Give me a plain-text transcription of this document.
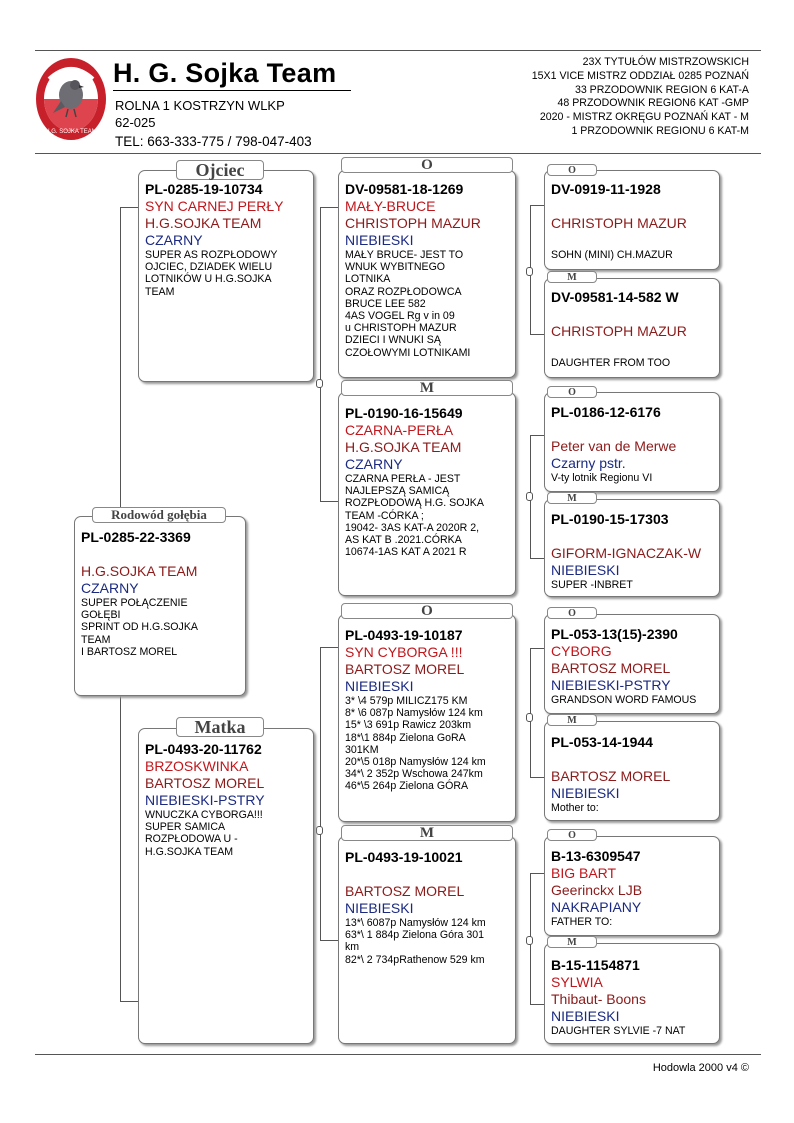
H.G. SOJKA TEAM
H. G. Sojka Team
ROLNA 1 KOSTRZYN WLKP
62-025
TEL: 663-333-775 / 798-047-403
23X TYTUŁÓW MISTRZOWSKICH
15X1 VICE MISTRZ ODDZIAŁ 0285 POZNAŃ
33 PRZODOWNIK REGION 6 KAT-A
48 PRZODOWNIK REGION6 KAT -GMP
2020 - MISTRZ OKRĘGU POZNAŃ KAT - M
1 PRZODOWNIK REGIONU 6 KAT-M
PL-0285-22-3369
H.G.SOJKA TEAM
CZARNY
SUPER POŁĄCZENIE
GOŁĘBI
SPRINT OD H.G.SOJKA
TEAM
I BARTOSZ MOREL
Rodowód gołębia
PL-0285-19-10734
SYN CARNEJ PERŁY
H.G.SOJKA TEAM
CZARNY
SUPER AS ROZPŁODOWY
OJCIEC, DZIADEK WIELU
LOTNIKÓW U H.G.SOJKA
TEAM
Ojciec
PL-0493-20-11762
BRZOSKWINKA
BARTOSZ MOREL
NIEBIESKI-PSTRY
WNUCZKA CYBORGA!!!
SUPER SAMICA
ROZPŁODOWA U -
H.G.SOJKA TEAM
Matka
DV-09581-18-1269
MAŁY-BRUCE
CHRISTOPH MAZUR
NIEBIESKI
MAŁY BRUCE- JEST TO
WNUK WYBITNEGO
LOTNIKA
ORAZ ROZPŁODOWCA
BRUCE LEE 582
4AS VOGEL Rg v in 09
u CHRISTOPH MAZUR
DZIECI I WNUKI SĄ
CZOŁOWYMI LOTNIKAMI
O
PL-0190-16-15649
CZARNA-PERŁA
H.G.SOJKA TEAM
CZARNY
CZARNA PERŁA - JEST
NAJLEPSZĄ SAMICĄ
ROZPŁODOWĄ H.G. SOJKA
TEAM -CÓRKA ;
19042- 3AS KAT-A 2020R 2,
AS KAT B .2021.CÓRKA
10674-1AS KAT A 2021 R
M
PL-0493-19-10187
SYN CYBORGA !!!
BARTOSZ MOREL
NIEBIESKI
3* \4 579p MILICZ175 KM
8* \6 087p Namysłów 124 km
15* \3 691p Rawicz 203km
18*\1 884p Zielona GoRA
301KM
20*\5 018p Namysłów 124 km
34*\ 2 352p Wschowa 247km
46*\5 264p Zielona GÓRA
O
PL-0493-19-10021
BARTOSZ MOREL
NIEBIESKI
13*\ 6087p Namysłów 124 km
63*\ 1 884p Zielona Góra 301
km
82*\ 2 734pRathenow 529 km
M
DV-0919-11-1928
CHRISTOPH MAZUR
SOHN (MINI) CH.MAZUR
O
DV-09581-14-582 W
CHRISTOPH MAZUR
DAUGHTER FROM TOO
M
PL-0186-12-6176
Peter van de Merwe
Czarny pstr.
V-ty lotnik Regionu VI
O
PL-0190-15-17303
GIFORM-IGNACZAK-W
NIEBIESKI
SUPER -INBRET
M
PL-053-13(15)-2390
CYBORG
BARTOSZ MOREL
NIEBIESKI-PSTRY
GRANDSON WORD FAMOUS
O
PL-053-14-1944
BARTOSZ MOREL
NIEBIESKI
Mother to:
M
B-13-6309547
BIG BART
Geerinckx LJB
NAKRAPIANY
FATHER TO:
O
B-15-1154871
SYLWIA
Thibaut- Boons
NIEBIESKI
DAUGHTER SYLVIE -7 NAT
M
Hodowla 2000 v4 ©
